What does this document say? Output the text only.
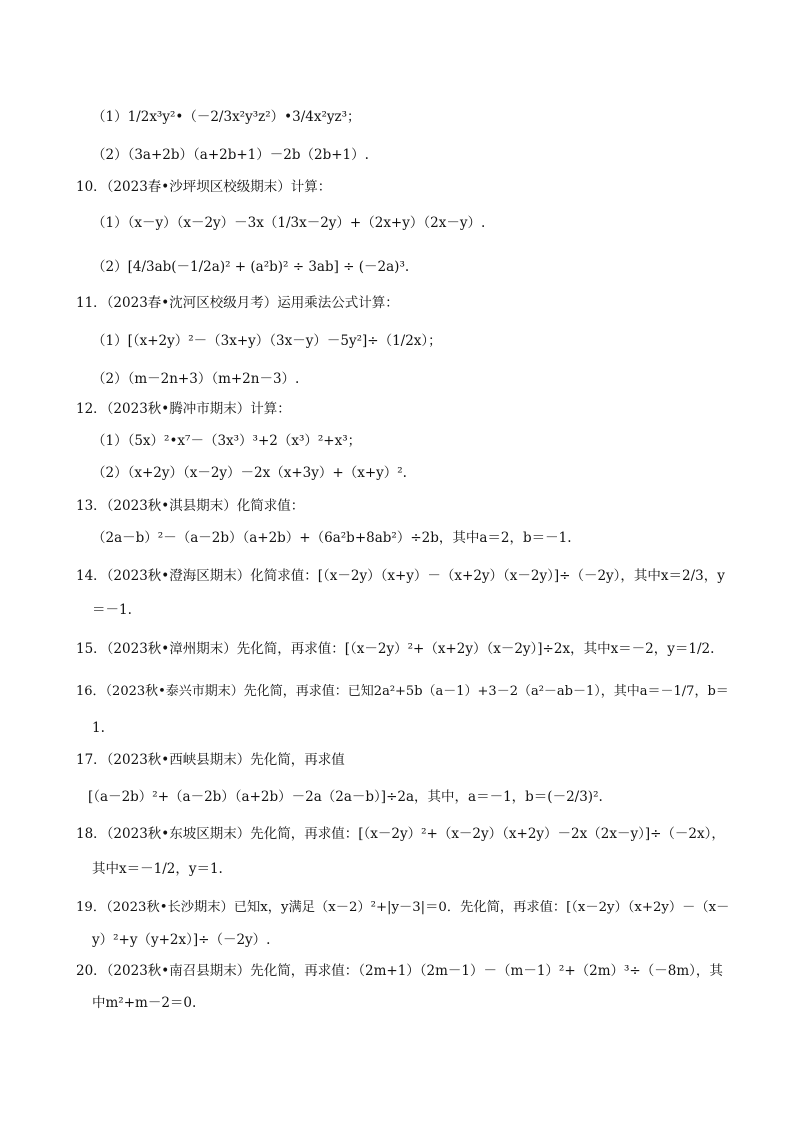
（1）1/2x³y²•（－2/3x²y³z²）•3/4x²yz³；
（2）（3a+2b）（a+2b+1）－2b（2b+1）.
10．（2023春•沙坪坝区校级期末）计算：
（1）（x－y）（x－2y）－3x（1/3x－2y）+（2x+y）（2x－y）.
（2）[4/3ab(－1/2a)² + (a²b)² ÷ 3ab] ÷ (－2a)³.
11．（2023春•沈河区校级月考）运用乘法公式计算：
（1）[（x+2y）²－（3x+y）（3x－y）－5y²]÷（1/2x）；
（2）（m－2n+3）（m+2n－3）.
12．（2023秋•腾冲市期末）计算：
（1）（5x）²•x⁷－（3x³）³+2（x³）²+x³；
（2）（x+2y）（x－2y）－2x（x+3y）+（x+y）².
13．（2023秋•淇县期末）化简求值：
（2a－b）²－（a－2b）（a+2b）+（6a²b+8ab²）÷2b，其中a＝2，b＝－1.
14．（2023秋•澄海区期末）化简求值：[（x－2y）（x+y）－（x+2y）（x－2y）]÷（－2y），其中x＝2/3，y
＝－1.
15．（2023秋•漳州期末）先化简，再求值：[（x－2y）²+（x+2y）（x－2y）]÷2x，其中x＝－2，y＝1/2.
16．（2023秋•泰兴市期末）先化简，再求值：已知2a²+5b（a－1）+3－2（a²－ab－1），其中a＝－1/7，b＝
1.
17．（2023秋•西峡县期末）先化简，再求值
[（a－2b）²+（a－2b）（a+2b）－2a（2a－b）]÷2a，其中，a＝－1，b＝(－2/3)².
18．（2023秋•东坡区期末）先化简，再求值：[（x－2y）²+（x－2y）（x+2y）－2x（2x－y）]÷（－2x），
其中x＝－1/2，y＝1.
19．（2023秋•长沙期末）已知x，y满足（x－2）²+|y－3|＝0．先化简，再求值：[（x－2y）（x+2y）－（x－
y）²+y（y+2x）]÷（－2y）.
20．（2023秋•南召县期末）先化简，再求值：（2m+1）（2m－1）－（m－1）²+（2m）³÷（－8m），其
中m²+m－2＝0.
